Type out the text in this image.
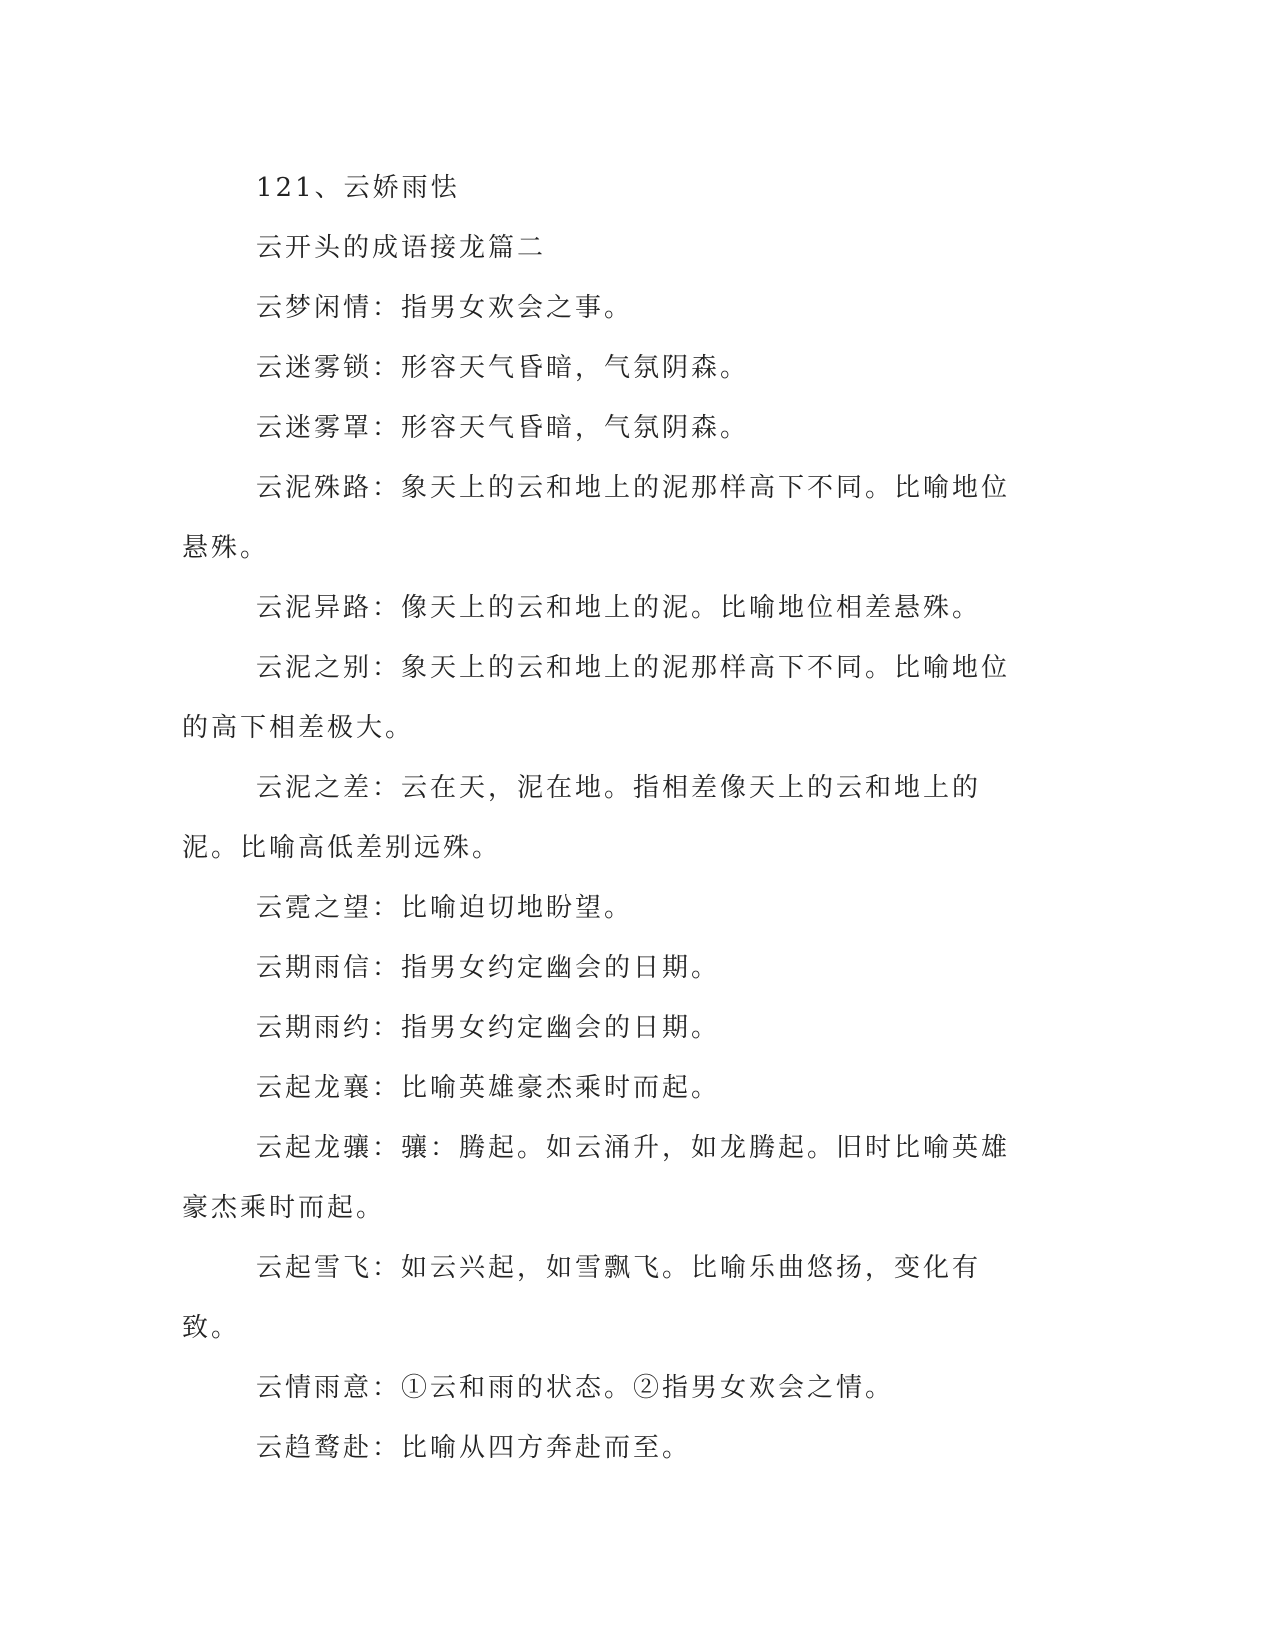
121、云娇雨怯

云开头的成语接龙篇二

云梦闲情：指男女欢会之事。

云迷雾锁：形容天气昏暗，气氛阴森。

云迷雾罩：形容天气昏暗，气氛阴森。

云泥殊路：象天上的云和地上的泥那样高下不同。比喻地位悬殊。

云泥异路：像天上的云和地上的泥。比喻地位相差悬殊。

云泥之别：象天上的云和地上的泥那样高下不同。比喻地位的高下相差极大。

云泥之差：云在天，泥在地。指相差像天上的云和地上的泥。比喻高低差别远殊。

云霓之望：比喻迫切地盼望。

云期雨信：指男女约定幽会的日期。

云期雨约：指男女约定幽会的日期。

云起龙襄：比喻英雄豪杰乘时而起。

云起龙骧：骧：腾起。如云涌升，如龙腾起。旧时比喻英雄豪杰乘时而起。

云起雪飞：如云兴起，如雪飘飞。比喻乐曲悠扬，变化有致。

云情雨意：①云和雨的状态。②指男女欢会之情。

云趋鹜赴：比喻从四方奔赴而至。
